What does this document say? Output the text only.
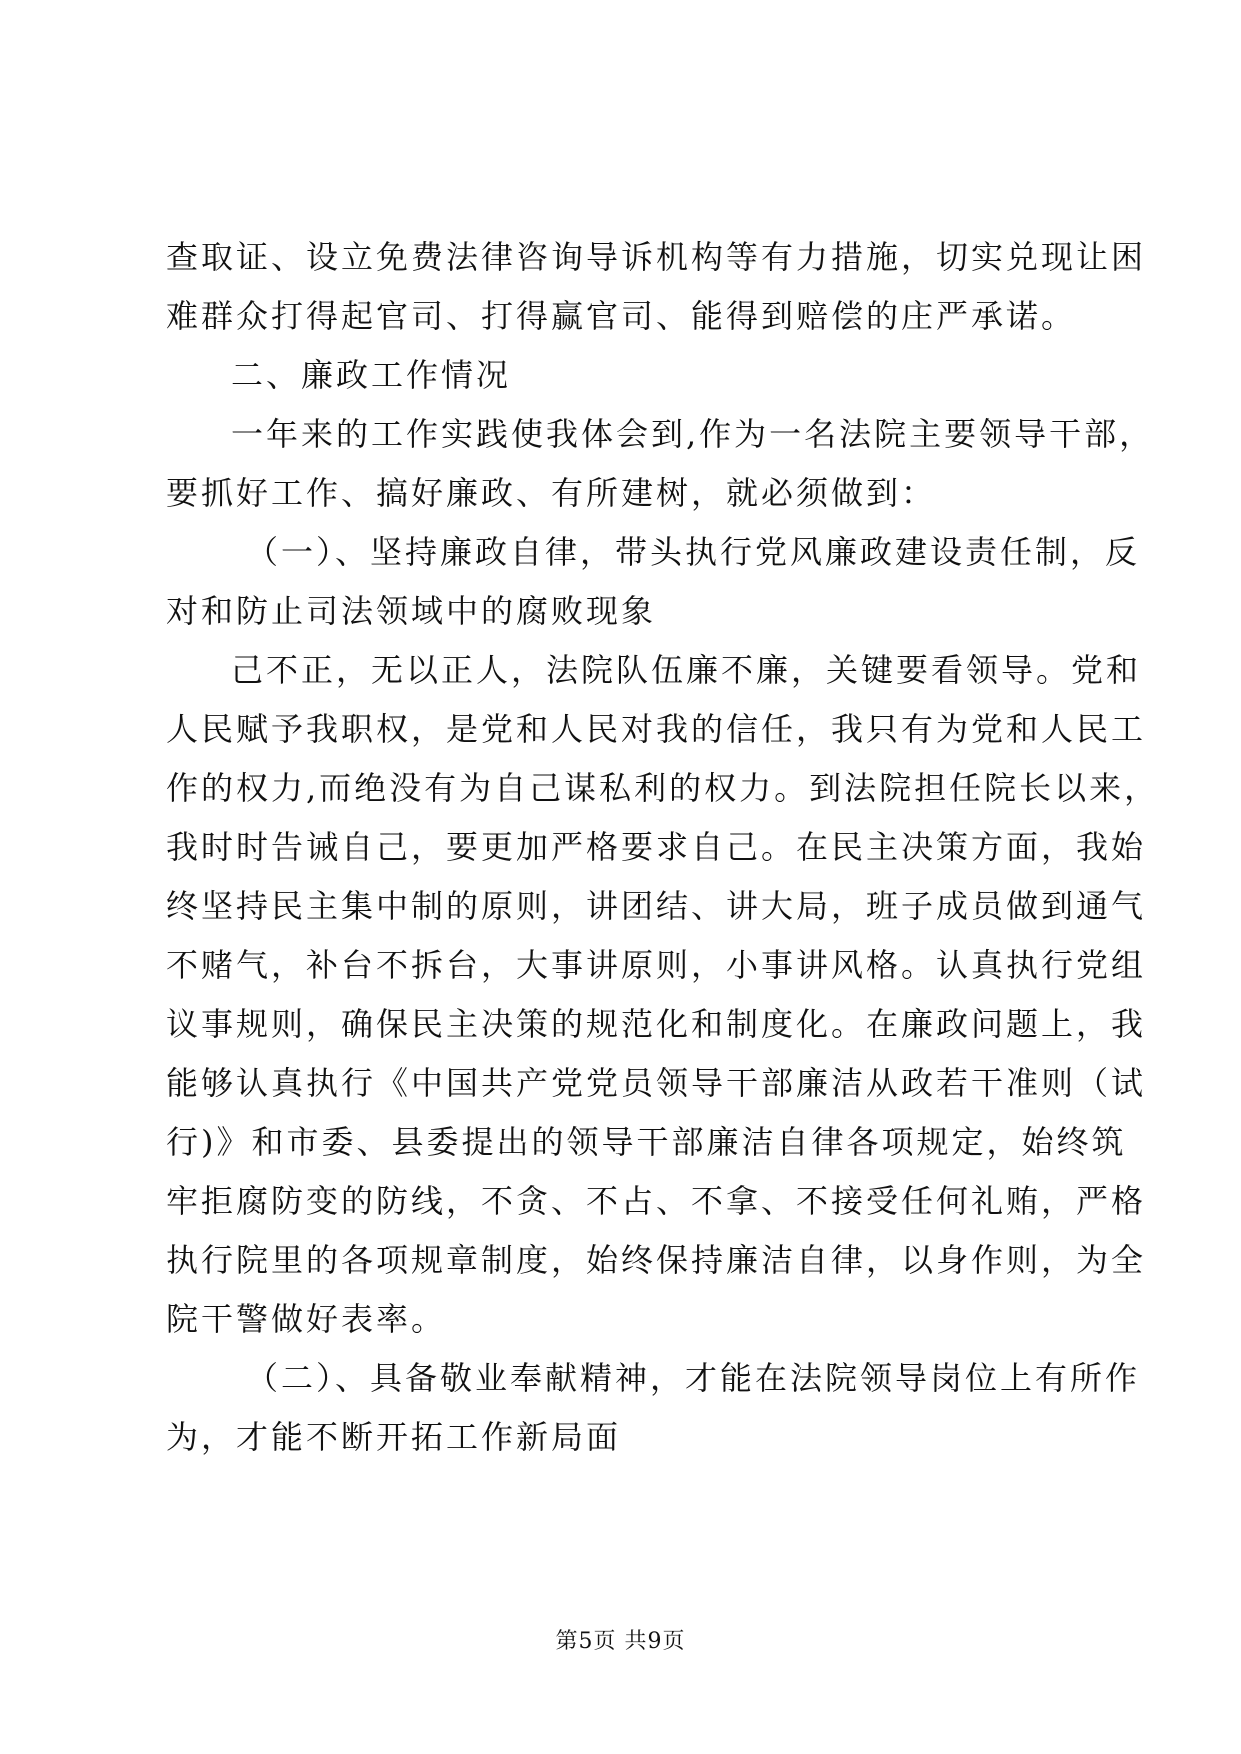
查取证、设立免费法律咨询导诉机构等有力措施，切实兑现让困
难群众打得起官司、打得赢官司、能得到赔偿的庄严承诺。
二、廉政工作情况
一年来的工作实践使我体会到,作为一名法院主要领导干部，
要抓好工作、搞好廉政、有所建树，就必须做到：
（一）、坚持廉政自律，带头执行党风廉政建设责任制，反
对和防止司法领域中的腐败现象
己不正，无以正人，法院队伍廉不廉，关键要看领导。党和
人民赋予我职权，是党和人民对我的信任，我只有为党和人民工
作的权力,而绝没有为自己谋私利的权力。到法院担任院长以来，
我时时告诫自己，要更加严格要求自己。在民主决策方面，我始
终坚持民主集中制的原则，讲团结、讲大局，班子成员做到通气
不赌气，补台不拆台，大事讲原则，小事讲风格。认真执行党组
议事规则，确保民主决策的规范化和制度化。在廉政问题上，我
能够认真执行《中国共产党党员领导干部廉洁从政若干准则（试
行)》和市委、县委提出的领导干部廉洁自律各项规定，始终筑
牢拒腐防变的防线，不贪、不占、不拿、不接受任何礼贿，严格
执行院里的各项规章制度，始终保持廉洁自律，以身作则，为全
院干警做好表率。
（二）、具备敬业奉献精神，才能在法院领导岗位上有所作
为，才能不断开拓工作新局面
第5页 共9页
